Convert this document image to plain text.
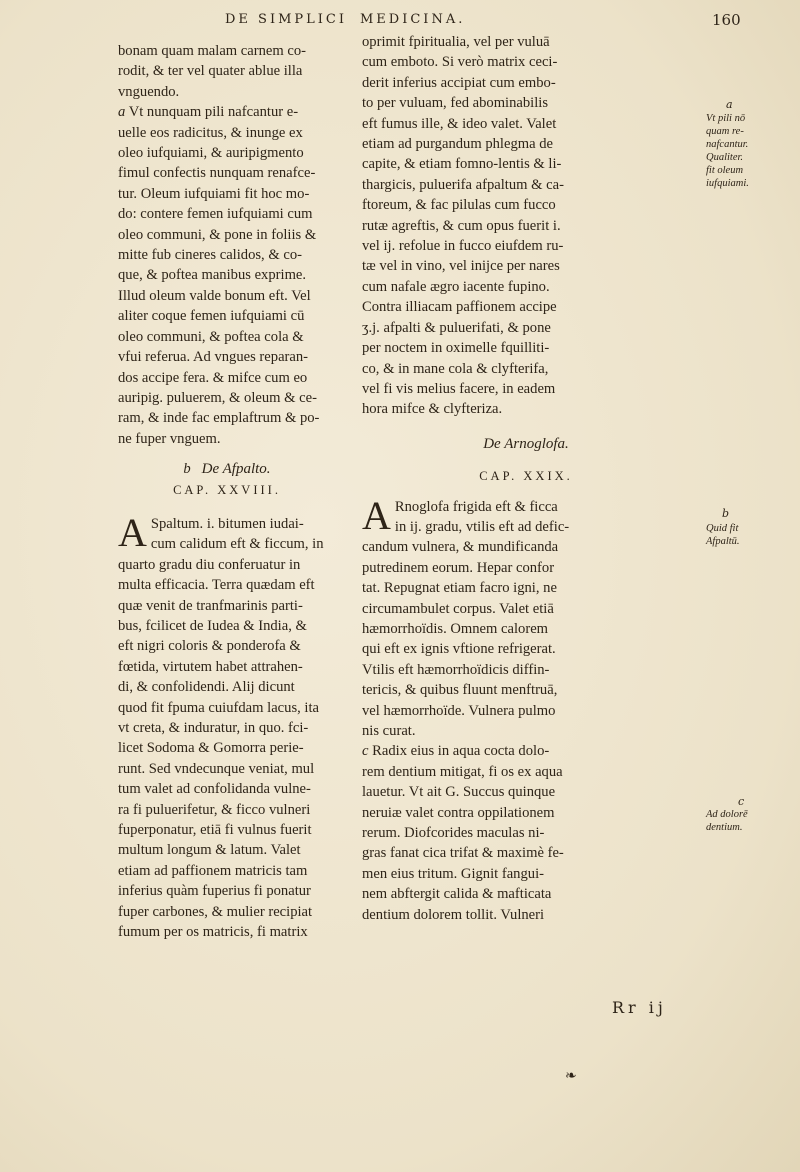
DE SIMPLICI MEDICINA.	160

bonam quam malam carnem co-
rodit, & ter vel quater ablue illa
vnguendo.

a Vt nunquam pili nafcantur e-
uelle eos radicitus, & inunge ex
oleo iufquiami, & auripigmento
fimul confectis nunquam renafce-
tur. Oleum iufquiami fit hoc mo-
do: contere femen iufquiami cum
oleo communi, & pone in foliis &
mitte fub cineres calidos, & co-
que, & poftea manibus exprime.
Illud oleum valde bonum eft. Vel
aliter coque femen iufquiami cū
oleo communi, & poftea cola &
vfui referua. Ad vngues reparan-
dos accipe fera. & mifce cum eo
auripig. puluerem, & oleum & ce-
ram, & inde fac emplaftrum & po-
ne fuper vnguem.

b De Afpalto.

CAP. XXVIII.

A Spaltum. i. bitumen iudai-
cum calidum eft & ficcum, in

quarto gradu diu conferuatur in
multa efficacia. Terra quædam eft
quæ venit de tranfmarinis parti-
bus, fcilicet de Iudea & India, &
eft nigri coloris & ponderofa &
fœtida, virtutem habet attrahen-
di, & confolidendi. Alij dicunt
quod fit fpuma cuiufdam lacus, ita
vt creta, & induratur, in quo. fci-
licet Sodoma & Gomorra perie-
runt. Sed vndecunque veniat, mul
tum valet ad confolidanda vulne-
ra fi puluerifetur, & ficco vulneri
fuperponatur, etiā fi vulnus fuerit
multum longum & latum. Valet
etiam ad paffionem matricis tam
inferius quàm fuperius fi ponatur
fuper carbones, & mulier recipiat
fumum per os matricis, fi matrix

oprimit fpiritualia, vel per vuluā
cum emboto. Si verò matrix ceci-
derit inferius accipiat cum embo-
to per vuluam, fed abominabilis
eft fumus ille, & ideo valet. Valet
etiam ad purgandum phlegma de
capite, & etiam fomno-lentis & li-
thargicis, puluerifa afpaltum & ca-
ftoreum, & fac pilulas cum fucco
rutæ agreftis, & cum opus fuerit i.
vel ij. refolue in fucco eiufdem ru-
tæ vel in vino, vel inijce per nares
cum nafale ægro iacente fupino.
Contra illiacam paffionem accipe
ʒ.j. afpalti & puluerifati, & pone
per noctem in oximelle fquilliti-
co, & in mane cola & clyfterifa,
vel fi vis melius facere, in eadem
hora mifce & clyfteriza.

De Arnoglofa.

CAP. XXIX.

A Rnoglofa frigida eft & ficca
in ij. gradu, vtilis eft ad defic-

candum vulnera, & mundificanda
putredinem eorum. Hepar confor
tat. Repugnat etiam facro igni, ne
circumambulet corpus. Valet etiā
hæmorrhoïdis. Omnem calorem
qui eft ex ignis vftione refrigerat.
Vtilis eft hæmorrhoïdicis diffin-
tericis, & quibus fluunt menftruā,
vel hæmorrhoïde. Vulnera pulmo
nis curat.

c Radix eius in aqua cocta dolo-
rem dentium mitigat, fi os ex aqua
lauetur. Vt ait G. Succus quinque
neruiæ valet contra oppilationem
rerum. Diofcorides maculas ni-
gras fanat cica trifat & maximè fe-
men eius tritum. Gignit fangui-
nem abftergit calida & mafticata
dentium dolorem tollit. Vulneri

a
Vt pili nō
quam re-
nafcantur.
Qualiter.
fit oleum
iufquiami.
b
Quid fit
Afpaltū.
c
Ad dolorē
dentium.
Rr ij
❧
